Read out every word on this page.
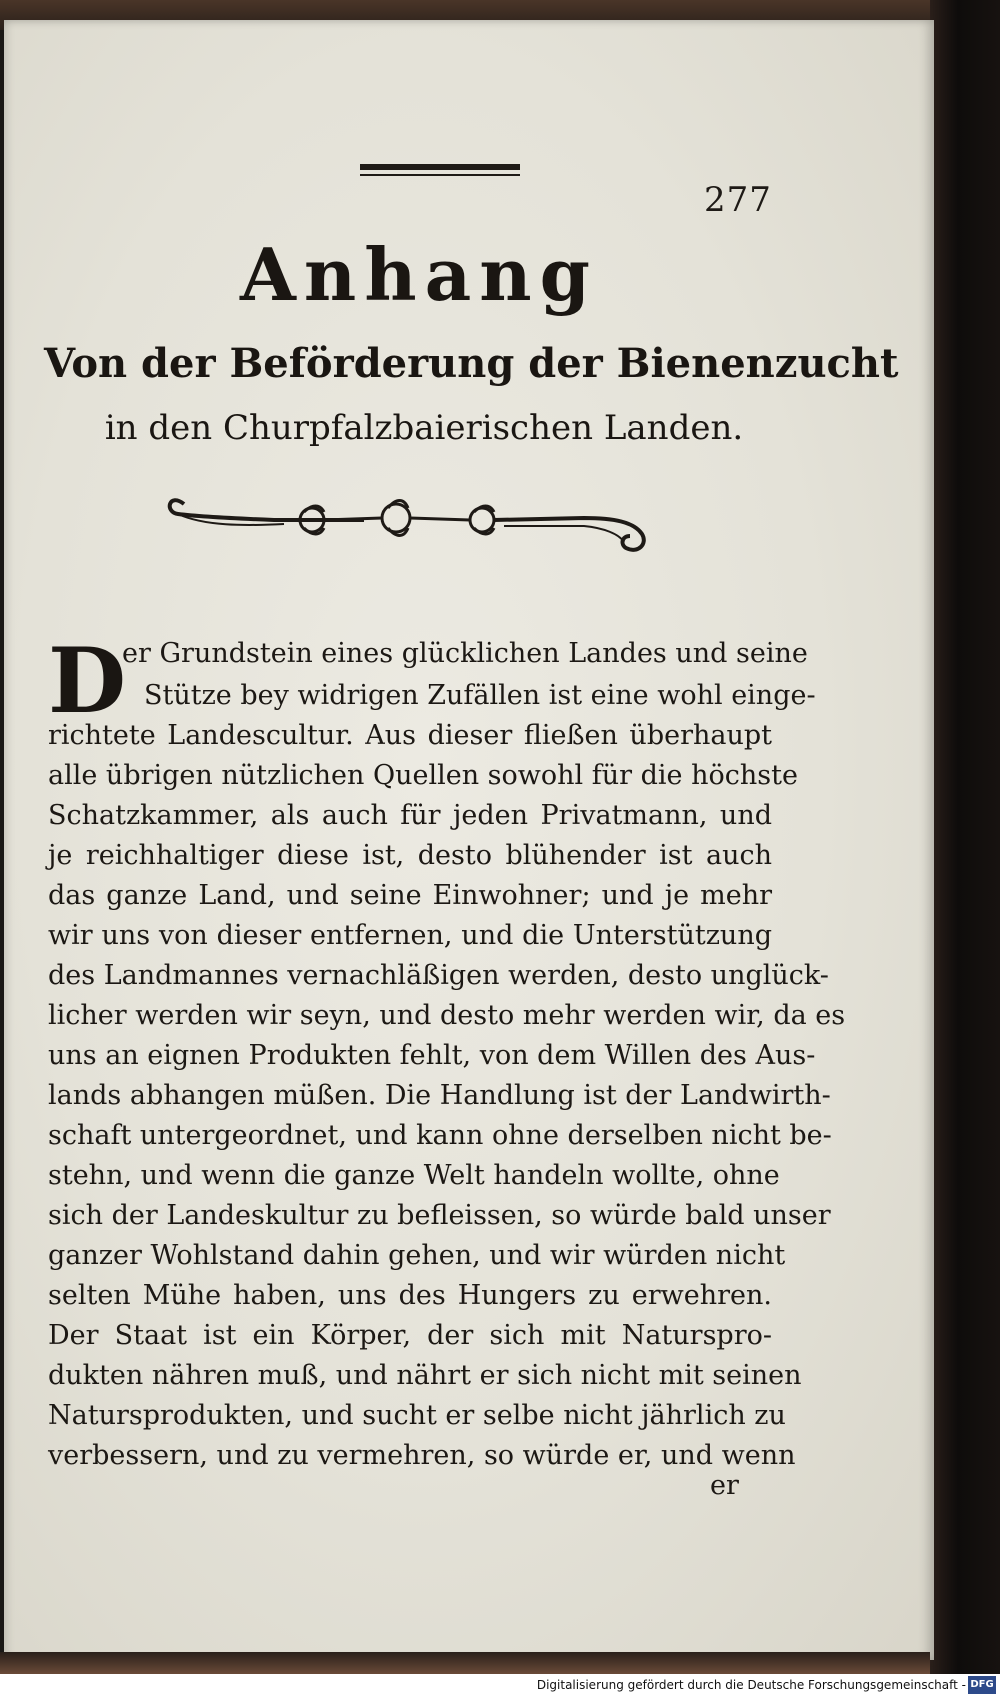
277
Anhang
Von der Beförderung der Bienenzucht
in den Churpfalzbaierischen Landen.
D
er Grundstein eines glücklichen Landes und seine
Stütze bey widrigen Zufällen ist eine wohl einge-
richtete Landescultur. Aus dieser fließen überhaupt
alle übrigen nützlichen Quellen sowohl für die höchste
Schatzkammer, als auch für jeden Privatmann, und
je reichhaltiger diese ist, desto blühender ist auch
das ganze Land, und seine Einwohner; und je mehr
wir uns von dieser entfernen, und die Unterstützung
des Landmannes vernachläßigen werden, desto unglück-
licher werden wir seyn, und desto mehr werden wir, da es
uns an eignen Produkten fehlt, von dem Willen des Aus-
lands abhangen müßen. Die Handlung ist der Landwirth-
schaft untergeordnet, und kann ohne derselben nicht be-
stehn, und wenn die ganze Welt handeln wollte, ohne
sich der Landeskultur zu befleissen, so würde bald unser
ganzer Wohlstand dahin gehen, und wir würden nicht
selten Mühe haben, uns des Hungers zu erwehren.
Der Staat ist ein Körper, der sich mit Naturspro-
dukten nähren muß, und nährt er sich nicht mit seinen
Natursprodukten, und sucht er selbe nicht jährlich zu
verbessern, und zu vermehren, so würde er, und wenn
er
Digitalisierung gefördert durch die Deutsche Forschungsgemeinschaft - DFG
